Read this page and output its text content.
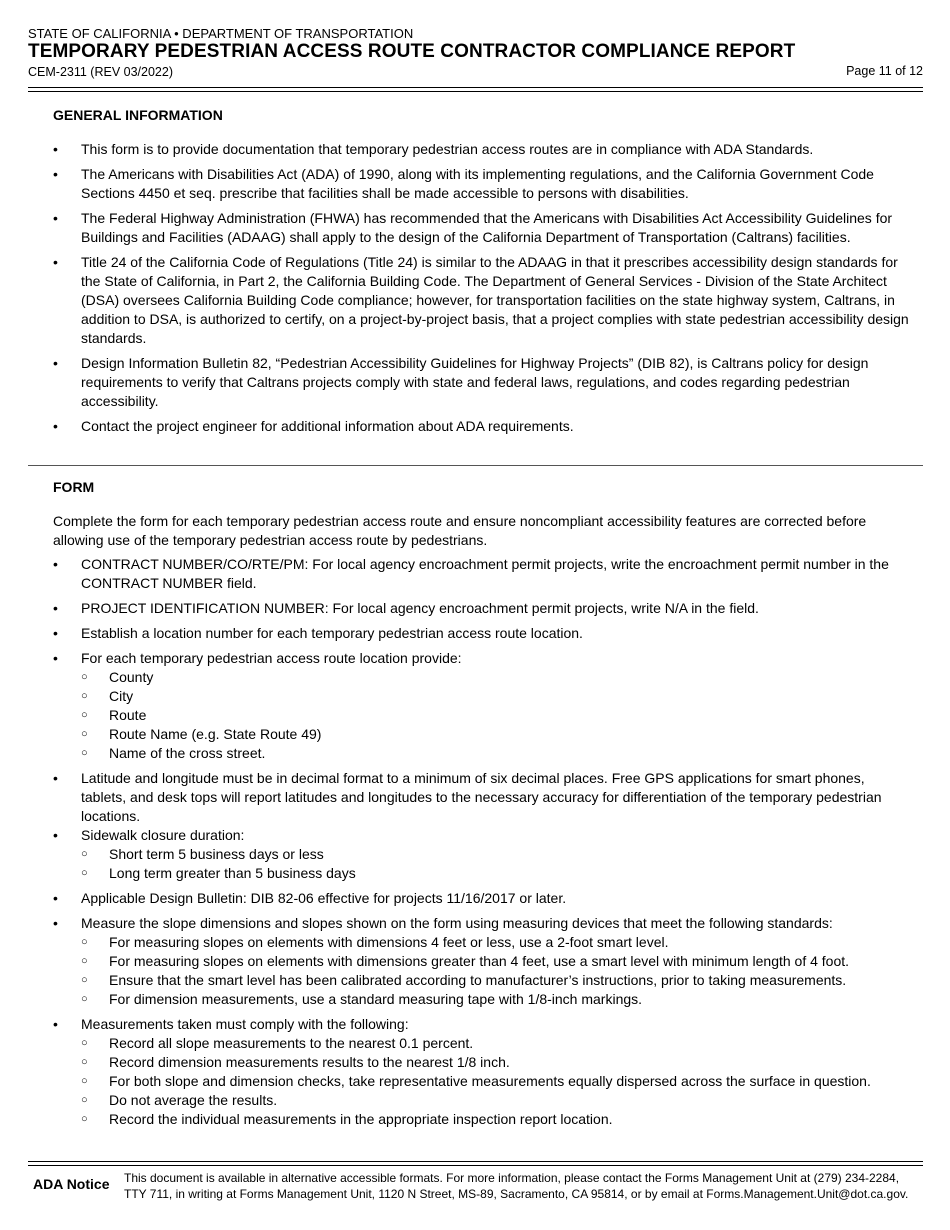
STATE OF CALIFORNIA • DEPARTMENT OF TRANSPORTATION
TEMPORARY PEDESTRIAN ACCESS ROUTE CONTRACTOR COMPLIANCE REPORT
CEM-2311 (REV 03/2022)	Page 11 of 12
GENERAL INFORMATION
• This form is to provide documentation that temporary pedestrian access routes are in compliance with ADA Standards.
• The Americans with Disabilities Act (ADA) of 1990, along with its implementing regulations, and the California Government Code Sections 4450 et seq. prescribe that facilities shall be made accessible to persons with disabilities.
• The Federal Highway Administration (FHWA) has recommended that the Americans with Disabilities Act Accessibility Guidelines for Buildings and Facilities (ADAAG) shall apply to the design of the California Department of Transportation (Caltrans) facilities.
• Title 24 of the California Code of Regulations (Title 24) is similar to the ADAAG in that it prescribes accessibility design standards for the State of California, in Part 2, the California Building Code. The Department of General Services - Division of the State Architect (DSA) oversees California Building Code compliance; however, for transportation facilities on the state highway system, Caltrans, in addition to DSA, is authorized to certify, on a project-by-project basis, that a project complies with state pedestrian accessibility design standards.
• Design Information Bulletin 82, “Pedestrian Accessibility Guidelines for Highway Projects” (DIB 82), is Caltrans policy for design requirements to verify that Caltrans projects comply with state and federal laws, regulations, and codes regarding pedestrian accessibility.
• Contact the project engineer for additional information about ADA requirements.
FORM
Complete the form for each temporary pedestrian access route and ensure noncompliant accessibility features are corrected before allowing use of the temporary pedestrian access route by pedestrians.
• CONTRACT NUMBER/CO/RTE/PM: For local agency encroachment permit projects, write the encroachment permit number in the CONTRACT NUMBER field.
• PROJECT IDENTIFICATION NUMBER: For local agency encroachment permit projects, write N/A in the field.
• Establish a location number for each temporary pedestrian access route location.
• For each temporary pedestrian access route location provide:
○ County
○ City
○ Route
○ Route Name (e.g. State Route 49)
○ Name of the cross street.
• Latitude and longitude must be in decimal format to a minimum of six decimal places. Free GPS applications for smart phones, tablets, and desk tops will report latitudes and longitudes to the necessary accuracy for differentiation of the temporary pedestrian locations.
• Sidewalk closure duration:
○ Short term 5 business days or less
○ Long term greater than 5 business days
• Applicable Design Bulletin: DIB 82-06 effective for projects 11/16/2017 or later.
• Measure the slope dimensions and slopes shown on the form using measuring devices that meet the following standards:
○ For measuring slopes on elements with dimensions 4 feet or less, use a 2-foot smart level.
○ For measuring slopes on elements with dimensions greater than 4 feet, use a smart level with minimum length of 4 foot.
○ Ensure that the smart level has been calibrated according to manufacturer’s instructions, prior to taking measurements.
○ For dimension measurements, use a standard measuring tape with 1/8-inch markings.
• Measurements taken must comply with the following:
○ Record all slope measurements to the nearest 0.1 percent.
○ Record dimension measurements results to the nearest 1/8 inch.
○ For both slope and dimension checks, take representative measurements equally dispersed across the surface in question.
○ Do not average the results.
○ Record the individual measurements in the appropriate inspection report location.
ADA Notice This document is available in alternative accessible formats. For more information, please contact the Forms Management Unit at (279) 234-2284, TTY 711, in writing at Forms Management Unit, 1120 N Street, MS-89, Sacramento, CA 95814, or by email at Forms.Management.Unit@dot.ca.gov.
